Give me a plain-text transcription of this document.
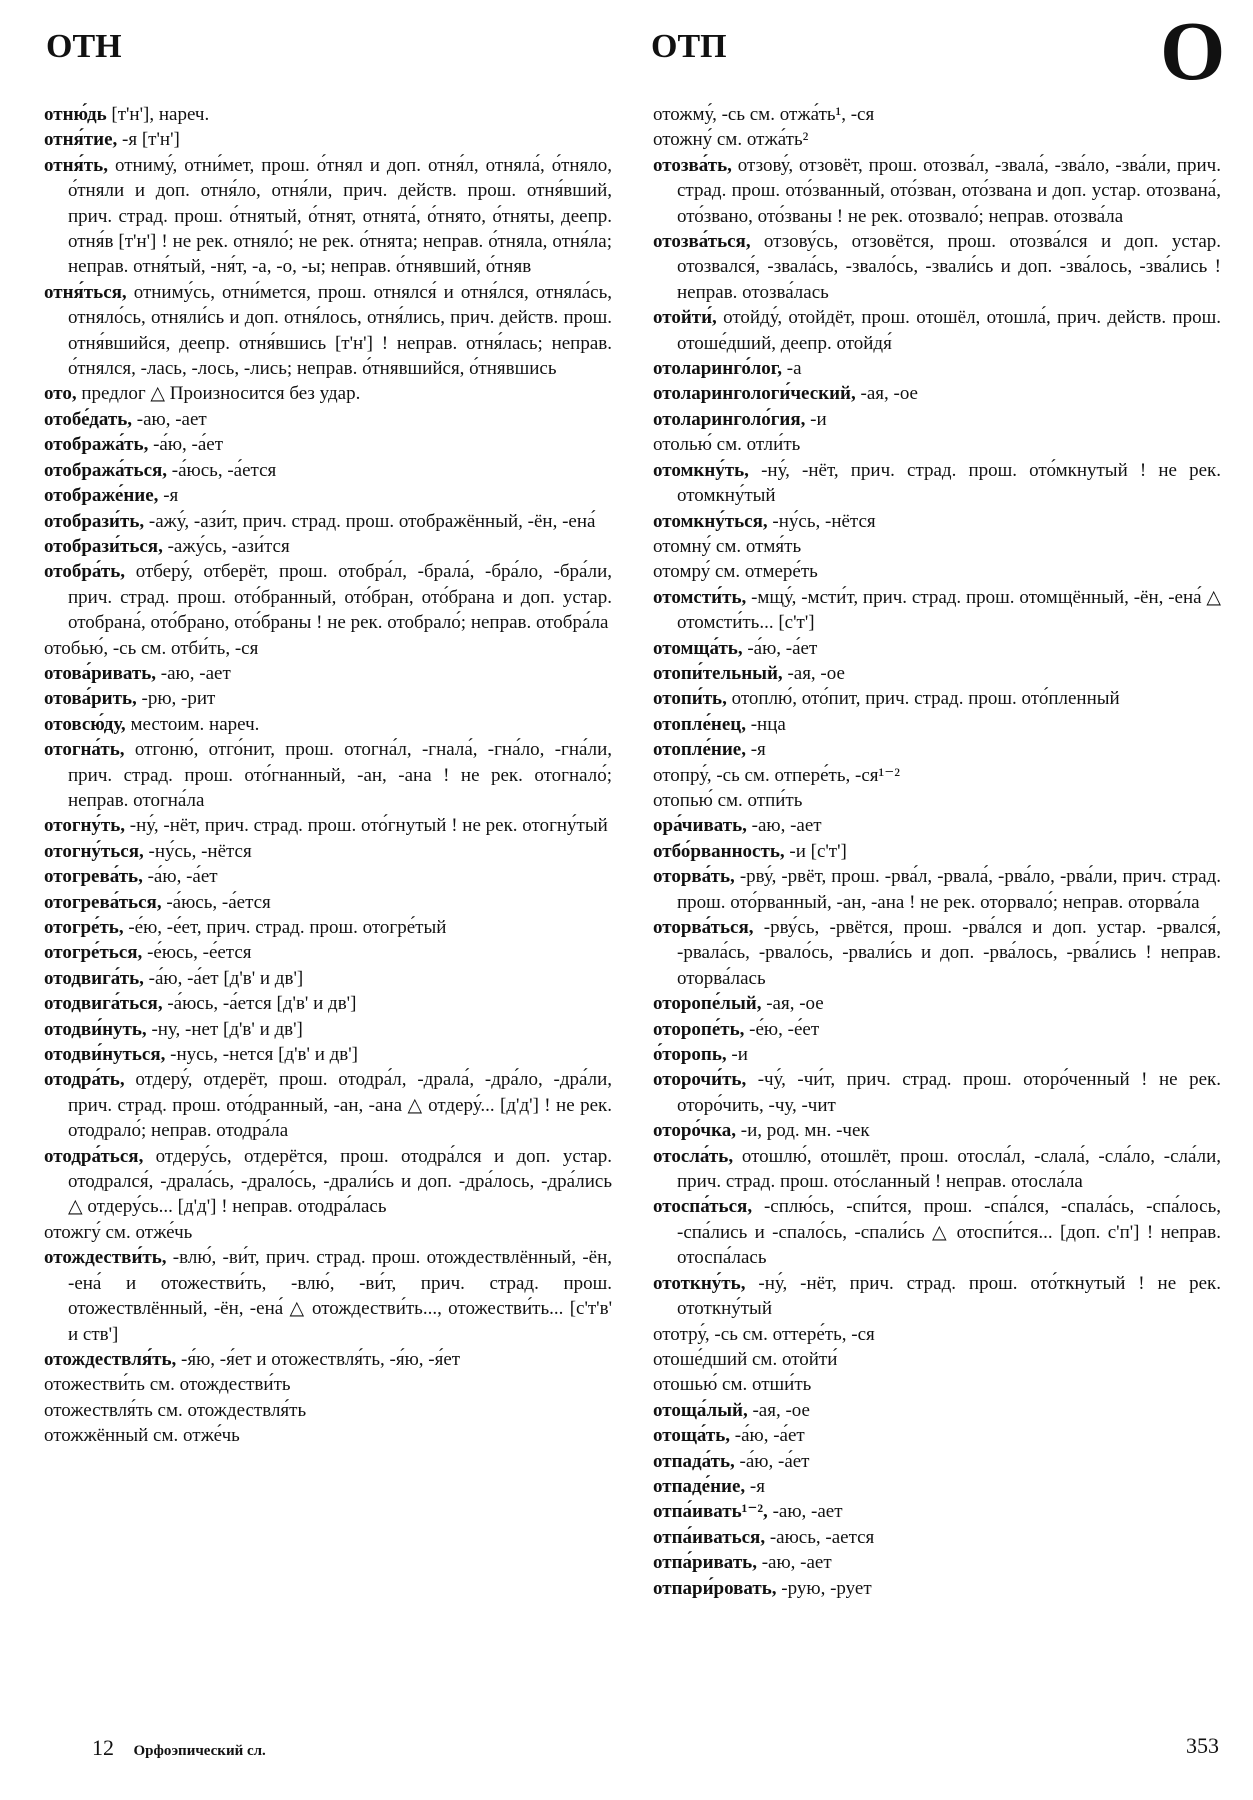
ОТН	ОТП	О

отню́дь [т'н'], нареч.

отня́тие, -я [т'н']

отня́ть, отниму́, отни́мет, прош. о́тнял и доп. отня́л, отняла́, о́тняло, о́тняли и доп. отня́ло, отня́ли, прич. действ. прош. отня́вший, прич. страд. прош. о́тнятый, о́тнят, отнята́, о́тнято, о́тняты, деепр. отня́в [т'н'] ! не рек. отняло́; не рек. о́тнята; неправ. о́тняла, отня́ла; неправ. отня́тый, -ня́т, -а, -о, -ы; неправ. о́тнявший, о́тняв

отня́ться, отниму́сь, отни́мется, прош. отнялся́ и отня́лся, отняла́сь, отняло́сь, отняли́сь и доп. отня́лось, отня́лись, прич. действ. прош. отня́вшийся, деепр. отня́вшись [т'н'] ! неправ. отня́лась; неправ. о́тнялся, -лась, -лось, -лись; неправ. о́тнявшийся, о́тнявшись

ото, предлог △ Произносится без удар.

отобе́дать, -аю, -ает

отобража́ть, -а́ю, -а́ет

отобража́ться, -а́юсь, -а́ется

отображе́ние, -я

отобрази́ть, -ажу́, -ази́т, прич. страд. прош. отображённый, -ён, -ена́

отобрази́ться, -ажу́сь, -ази́тся

отобра́ть, отберу́, отберёт, прош. отобра́л, -брала́, -бра́ло, -бра́ли, прич. страд. прош. ото́бранный, ото́бран, ото́брана и доп. устар. отобрана́, ото́брано, ото́браны ! не рек. отобрало́; неправ. отобра́ла

отобью́, -сь см. отби́ть, -ся

отова́ривать, -аю, -ает

отова́рить, -рю, -рит

отовсю́ду, местоим. нареч.

отогна́ть, отгоню́, отго́нит, прош. отогна́л, -гнала́, -гна́ло, -гна́ли, прич. страд. прош. ото́гнанный, -ан, -ана ! не рек. отогнало́; неправ. отогна́ла

отогну́ть, -ну́, -нёт, прич. страд. прош. ото́гнутый ! не рек. отогну́тый

отогну́ться, -ну́сь, -нётся

отогрева́ть, -а́ю, -а́ет

отогрева́ться, -а́юсь, -а́ется

отогре́ть, -е́ю, -е́ет, прич. страд. прош. отогре́тый

отогре́ться, -е́юсь, -е́ется

отодвига́ть, -а́ю, -а́ет [д'в' и дв']

отодвига́ться, -а́юсь, -а́ется [д'в' и дв']

отодви́нуть, -ну, -нет [д'в' и дв']

отодви́нуться, -нусь, -нется [д'в' и дв']

отодра́ть, отдеру́, отдерёт, прош. отодра́л, -драла́, -дра́ло, -дра́ли, прич. страд. прош. ото́дранный, -ан, -ана △ отдеру́... [д'д'] ! не рек. отодрало́; неправ. отодра́ла

отодра́ться, отдеру́сь, отдерётся, прош. отодра́лся и доп. устар. отодрался́, -драла́сь, -драло́сь, -драли́сь и доп. -дра́лось, -дра́лись △ отдеру́сь... [д'д'] ! неправ. отодра́лась

отожгу́ см. отже́чь

отождестви́ть, -влю́, -ви́т, прич. страд. прош. отождествлённый, -ён, -ена́ и отожестви́ть, -влю́, -ви́т, прич. страд. прош. отожествлённый, -ён, -ена́ △ отождестви́ть..., отожестви́ть... [с'т'в' и ств']

отождествля́ть, -я́ю, -я́ет и отожествля́ть, -я́ю, -я́ет

отожестви́ть см. отождестви́ть

отожествля́ть см. отождествля́ть

отожжённый см. отже́чь

отожму́, -сь см. отжа́ть¹, -ся

отожну́ см. отжа́ть²

отозва́ть, отзову́, отзовёт, прош. отозва́л, -звала́, -зва́ло, -зва́ли, прич. страд. прош. ото́званный, ото́зван, ото́звана и доп. устар. отозвана́, ото́звано, ото́званы ! не рек. отозвало́; неправ. отозва́ла

отозва́ться, отзову́сь, отзовётся, прош. отозва́лся и доп. устар. отозвался́, -звала́сь, -звало́сь, -звали́сь и доп. -зва́лось, -зва́лись ! неправ. отозва́лась

отойти́, отойду́, отойдёт, прош. отошёл, отошла́, прич. действ. прош. отоше́дший, деепр. отойдя́

отоларинго́лог, -а

отоларингологи́ческий, -ая, -ое

отоларинголо́гия, -и

отолью́ см. отли́ть

отомкну́ть, -ну́, -нёт, прич. страд. прош. ото́мкнутый ! не рек. отомкну́тый

отомкну́ться, -ну́сь, -нётся

отомну́ см. отмя́ть

отомру́ см. отмере́ть

отомсти́ть, -мщу́, -мсти́т, прич. страд. прош. отомщённый, -ён, -ена́ △ отомсти́ть... [с'т']

отомща́ть, -а́ю, -а́ет

отопи́тельный, -ая, -ое

отопи́ть, отоплю́, ото́пит, прич. страд. прош. ото́пленный

отопле́нец, -нца

отопле́ние, -я

отопру́, -сь см. отпере́ть, -ся¹⁻²

отопью́ см. отпи́ть

ора́чивать, -аю, -ает

отбо́рванность, -и [с'т']

оторва́ть, -рву́, -рвёт, прош. -рва́л, -рвала́, -рва́ло, -рва́ли, прич. страд. прош. ото́рванный, -ан, -ана ! не рек. оторвало́; неправ. оторва́ла

оторва́ться, -рву́сь, -рвётся, прош. -рва́лся и доп. устар. -рвался́, -рвала́сь, -рвало́сь, -рвали́сь и доп. -рва́лось, -рва́лись ! неправ. оторва́лась

оторопе́лый, -ая, -ое

оторопе́ть, -е́ю, -е́ет

о́торопь, -и

оторочи́ть, -чу́, -чи́т, прич. страд. прош. оторо́ченный ! не рек. оторо́чить, -чу, -чит

оторо́чка, -и, род. мн. -чек

отосла́ть, отошлю́, отошлёт, прош. отосла́л, -слала́, -сла́ло, -сла́ли, прич. страд. прош. ото́сланный ! неправ. отосла́ла

отоспа́ться, -сплю́сь, -спи́тся, прош. -спа́лся, -спала́сь, -спа́лось, -спа́лись и -спало́сь, -спали́сь △ отоспи́тся... [доп. с'п'] ! неправ. отоспа́лась

ототкну́ть, -ну́, -нёт, прич. страд. прош. ото́ткнутый ! не рек. ототкну́тый

ототру́, -сь см. оттере́ть, -ся

отоше́дший см. отойти́

отошью́ см. отши́ть

отоща́лый, -ая, -ое

отоща́ть, -а́ю, -а́ет

отпада́ть, -а́ю, -а́ет

отпаде́ние, -я

отпа́ивать¹⁻², -аю, -ает

отпа́иваться, -аюсь, -ается

отпа́ривать, -аю, -ает

отпари́ровать, -рую, -рует

12 Орфоэпический сл.	353
